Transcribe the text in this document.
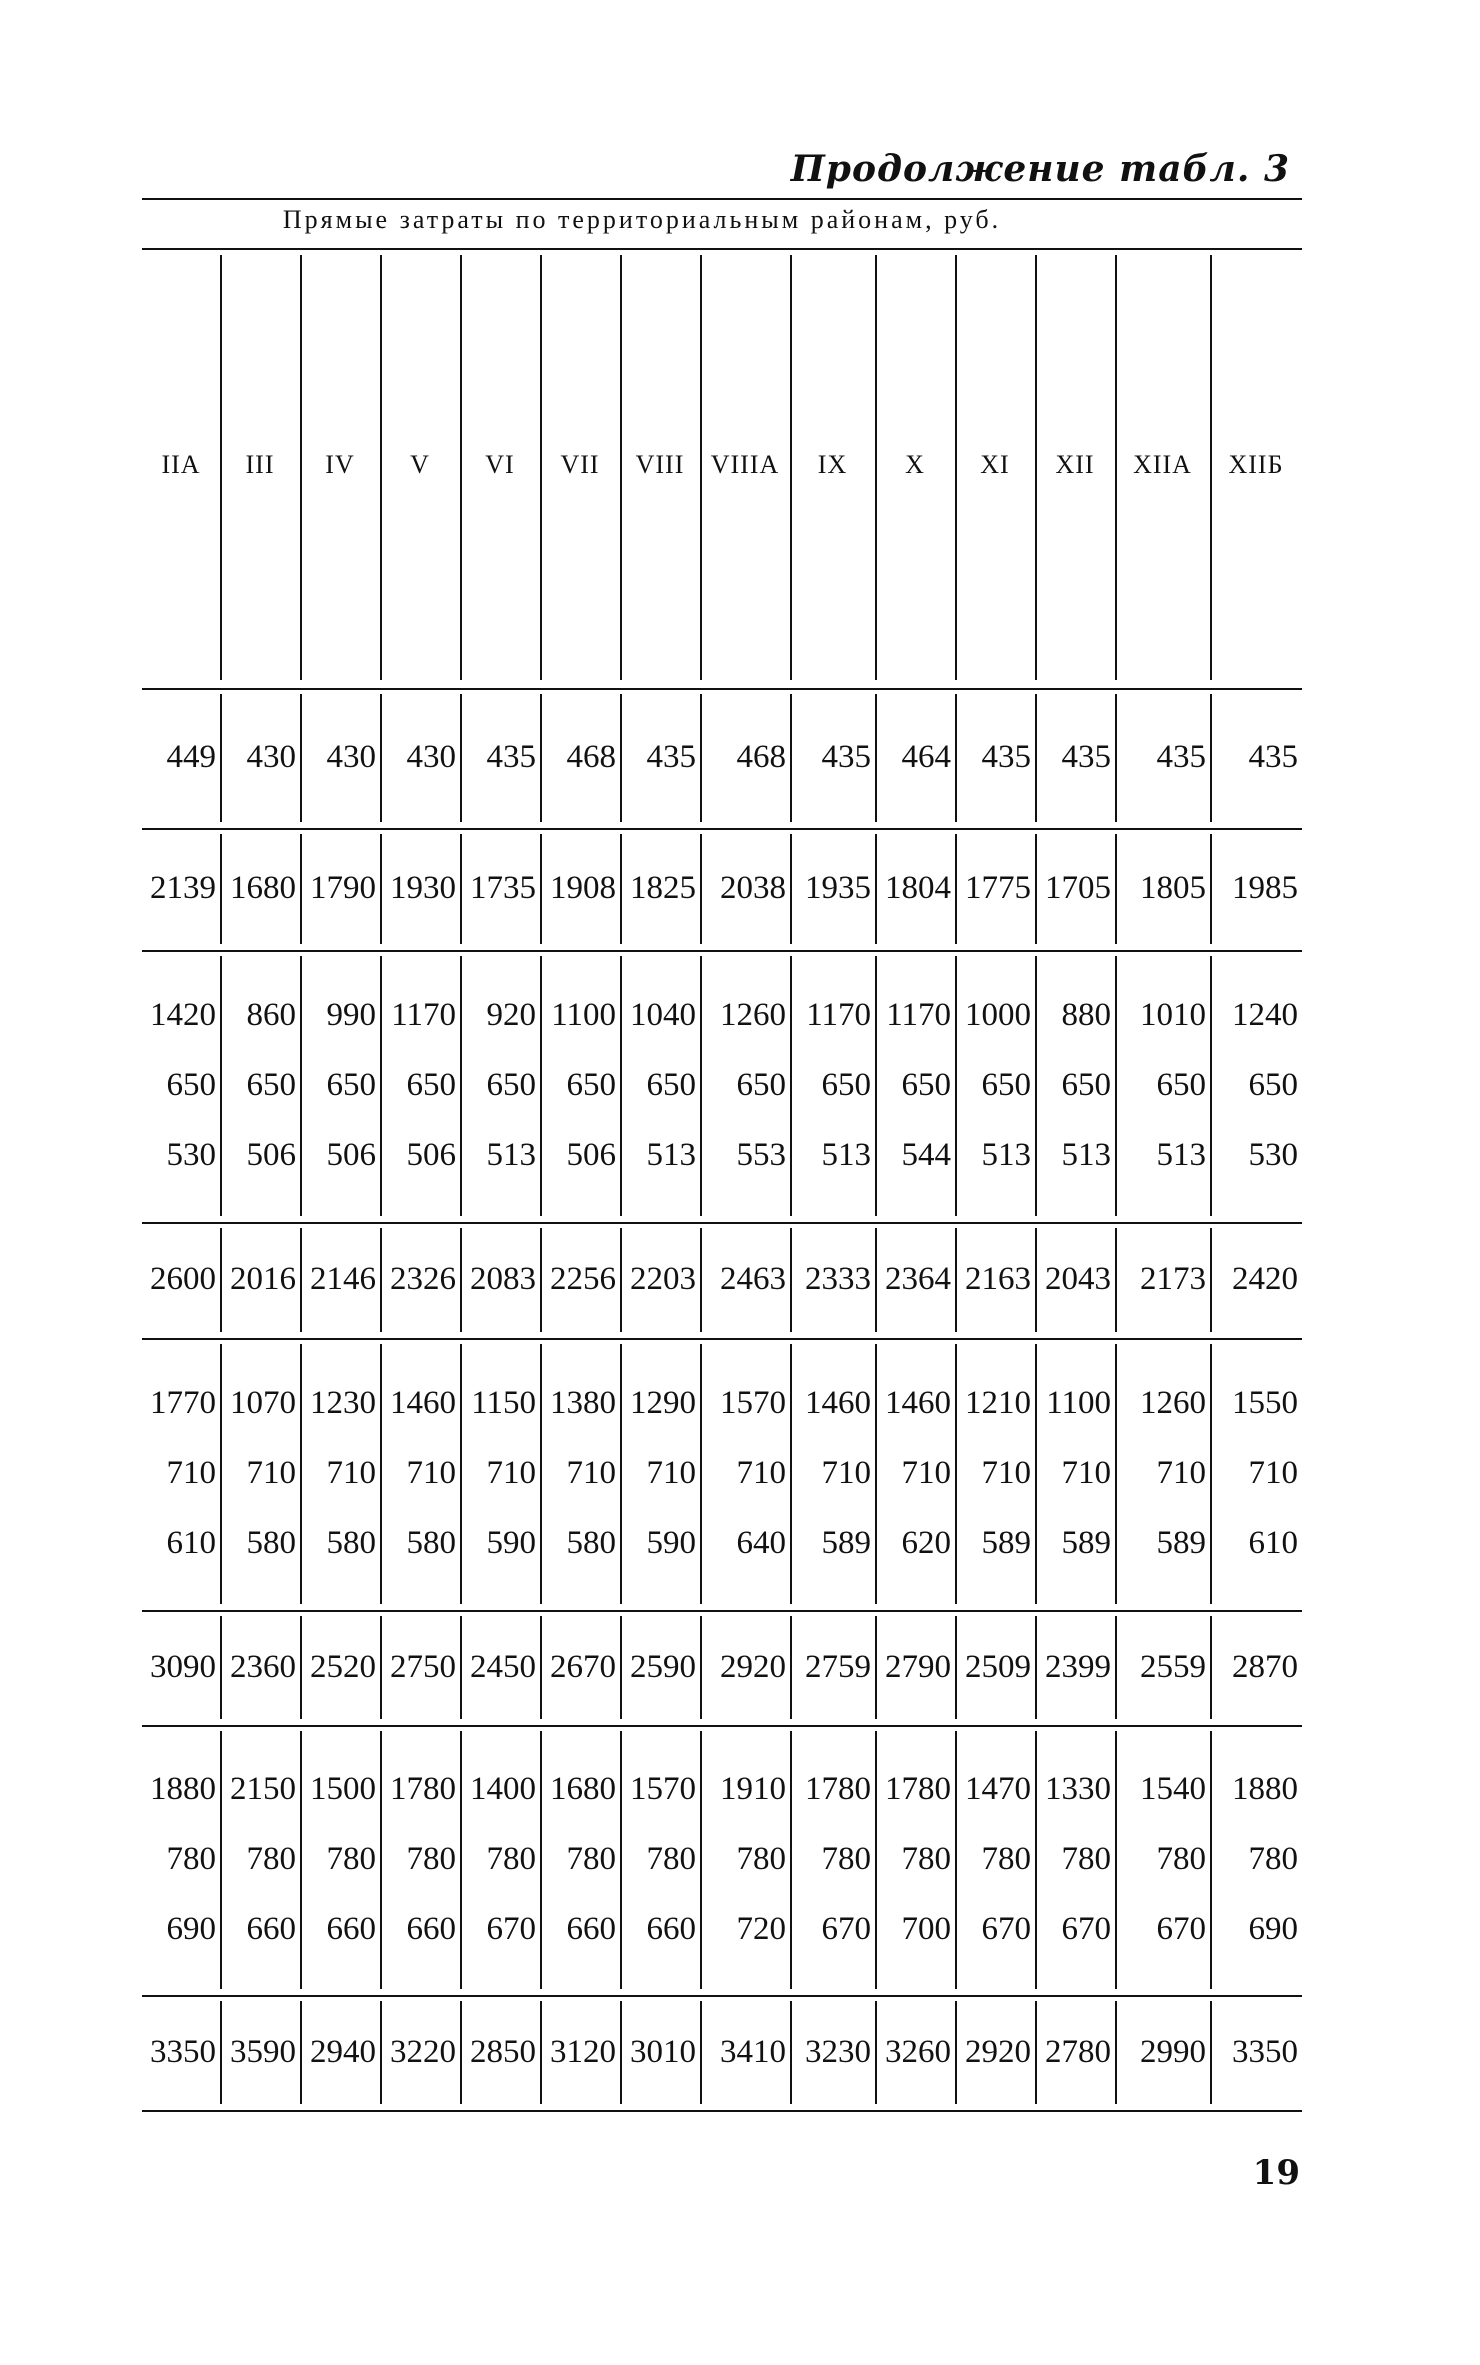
Продолжение табл. 3
Прямые затраты по территориальным районам, руб.
19
IIА	III	IV	V	VI	VII	VIII	VIIIА	IX	X	XI	XII	XIIА	XIIБ
449 430 430 430 435 468 435	468	435 464 435 435	435	435
2139 1680 1790 1930 1735 1908 1825 2038 1935 1804 1775 1705 1805 1985
1420 860 990 1170 920 1100 1040 1260 1170 1170 1000 880 1010 1240
650 650 650 650 650 650 650	650	650 650 650 650	650	650
530 506 506 506 513 506 513	553	513 544 513 513	513	530
2600 2016 2146 2326 2083 2256 2203 2463 2333 2364 2163 2043 2173 2420
1770 1070 1230 1460 1150 1380 1290 1570 1460 1460 1210 1100 1260 1550
710 710 710 710 710 710 710	710	710 710 710 710	710	710
610 580 580 580 590 580 590	640	589 620 589 589	589	610
3090 2360 2520 2750 2450 2670 2590 2920 2759 2790 2509 2399 2559 2870
1880 2150 1500 1780 1400 1680 1570 1910 1780 1780 1470 1330 1540 1880
780 780 780 780 780 780 780	780	780 780 780 780	780	780
690 660 660 660 670 660 660	720	670 700 670 670	670	690
3350 3590 2940 3220 2850 3120 3010 3410 3230 3260 2920 2780 2990 3350
